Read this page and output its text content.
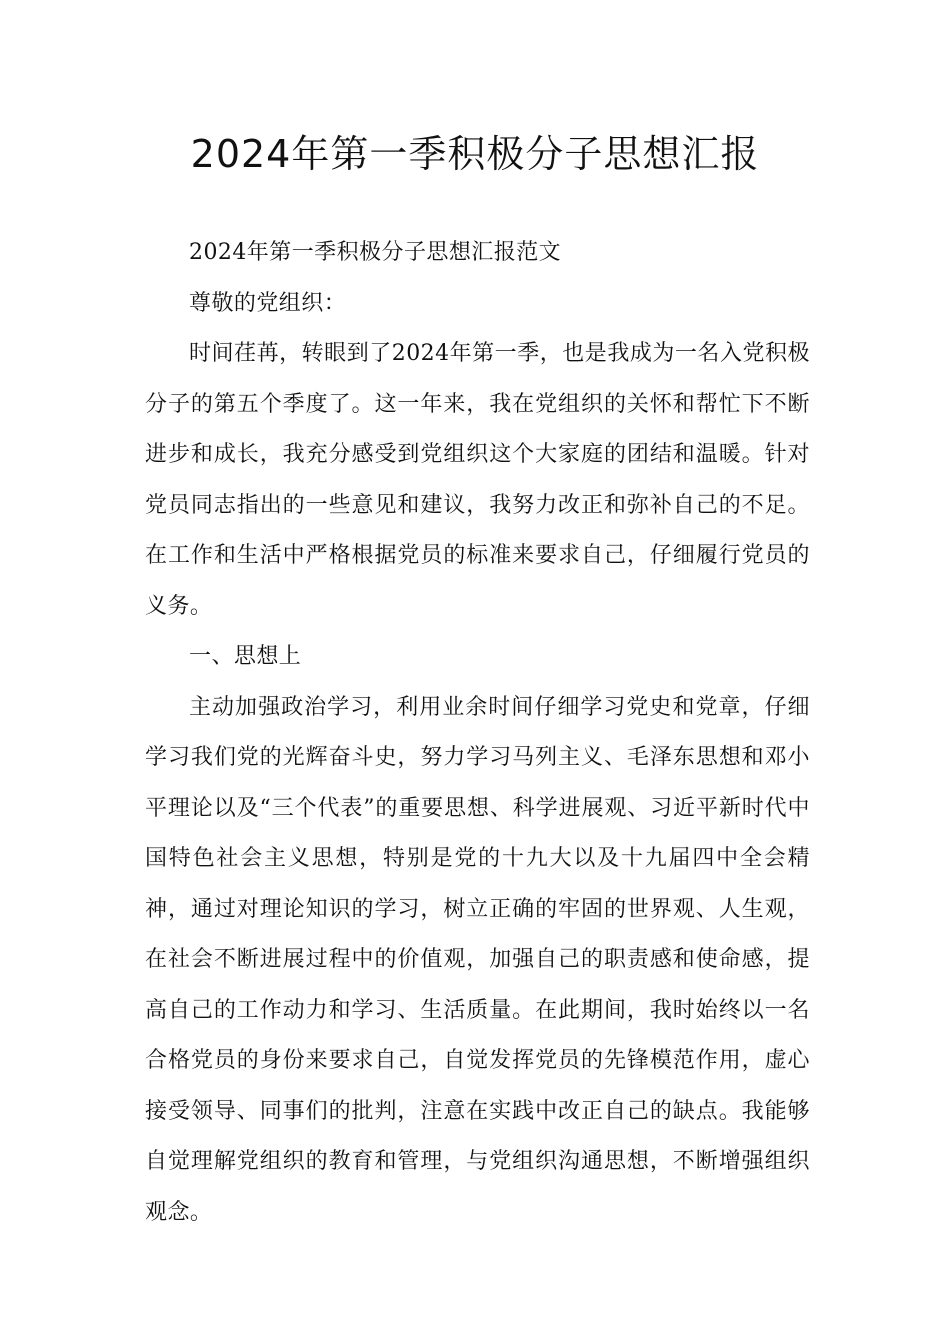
2024年第一季积极分子思想汇报

2024年第一季积极分子思想汇报范文

尊敬的党组织：

时间荏苒，转眼到了2024年第一季，也是我成为一名入党积极分子的第五个季度了。这一年来，我在党组织的关怀和帮忙下不断进步和成长，我充分感受到党组织这个大家庭的团结和温暖。针对党员同志指出的一些意见和建议，我努力改正和弥补自己的不足。在工作和生活中严格根据党员的标准来要求自己，仔细履行党员的义务。

一、思想上

主动加强政治学习，利用业余时间仔细学习党史和党章，仔细学习我们党的光辉奋斗史，努力学习马列主义、毛泽东思想和邓小平理论以及“三个代表”的重要思想、科学进展观、习近平新时代中国特色社会主义思想，特别是党的十九大以及十九届四中全会精神，通过对理论知识的学习，树立正确的牢固的世界观、人生观，在社会不断进展过程中的价值观，加强自己的职责感和使命感，提高自己的工作动力和学习、生活质量。在此期间，我时始终以一名合格党员的身份来要求自己，自觉发挥党员的先锋模范作用，虚心接受领导、同事们的批判，注意在实践中改正自己的缺点。我能够自觉理解党组织的教育和管理，与党组织沟通思想，不断增强组织观念。
